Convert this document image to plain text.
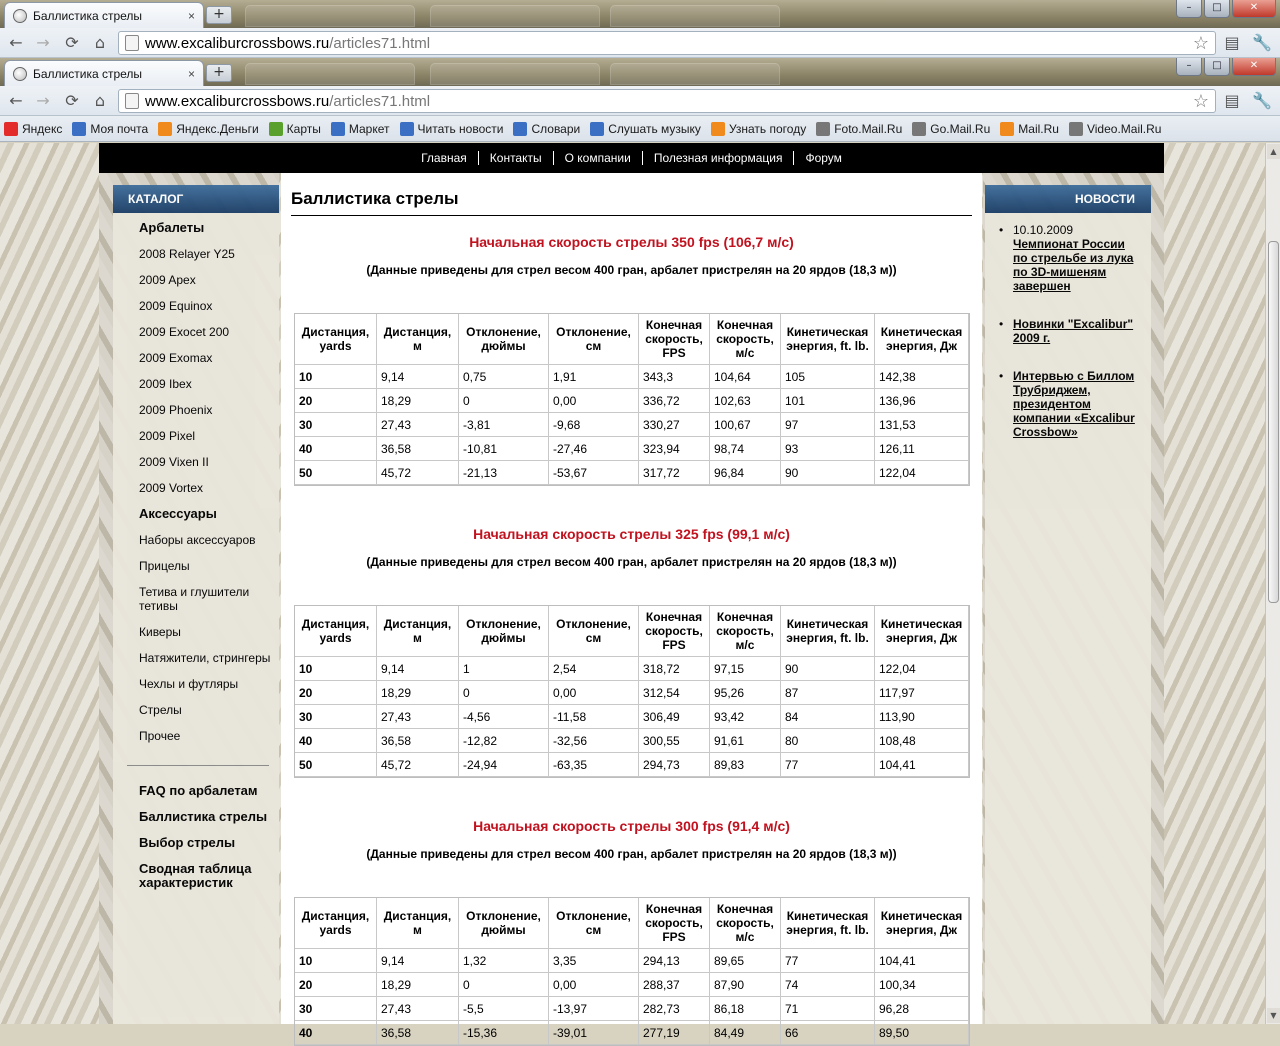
Баллистика стрелы	×	+	–	□	✕
← → ⟳	⌂	www.excaliburcrossbows.ru /articles71.html	☆ ▤ 🔧
Баллистика стрелы	×	+	–	□	✕
← → ⟳	⌂	www.excaliburcrossbows.ru /articles71.html	☆ ▤ 🔧
Яндекс Моя почта Яндекс.Деньги Карты Маркет Читать новости Словари Слушать музыку Узнать погоду Foto.Mail.Ru Go.Mail.Ru Mail.Ru Video.Mail.Ru
Главная	Контакты	О компании	Полезная информация	Форум
КАТАЛОГ
Арбалеты
2008 Relayer Y25
2009 Apex
2009 Equinox
2009 Exocet 200
2009 Exomax
2009 Ibex
2009 Phoenix
2009 Pixel
2009 Vixen II
2009 Vortex
Аксессуары
Наборы аксессуаров
Прицелы
Тетива и глушители тетивы
Киверы
Натяжители, стрингеры
Чехлы и футляры
Стрелы
Прочее
FAQ по арбалетам
Баллистика стрелы
Выбор стрелы
Сводная таблица характеристик
Баллистика стрелы
Начальная скорость стрелы 350 fps (106,7 м/с)
(Данные приведены для стрел весом 400 гран, арбалет пристрелян на 20 ярдов (18,3 м))
Дистанция, yards	Дистанция, м	Отклонение, дюймы	Отклонение, см	Конечная скорость, FPS	Конечная скорость, м/с	Кинетическая энергия, ft. lb.	Кинетическая энергия, Дж
10	9,14	0,75	1,91	343,3	104,64	105	142,38
20	18,29	0	0,00	336,72	102,63	101	136,96
30	27,43	-3,81	-9,68	330,27	100,67	97	131,53
40	36,58	-10,81	-27,46	323,94	98,74	93	126,11
50	45,72	-21,13	-53,67	317,72	96,84	90	122,04
Начальная скорость стрелы 325 fps (99,1 м/с)
(Данные приведены для стрел весом 400 гран, арбалет пристрелян на 20 ярдов (18,3 м))
Дистанция, yards	Дистанция, м	Отклонение, дюймы	Отклонение, см	Конечная скорость, FPS	Конечная скорость, м/с	Кинетическая энергия, ft. lb.	Кинетическая энергия, Дж
10	9,14	1	2,54	318,72	97,15	90	122,04
20	18,29	0	0,00	312,54	95,26	87	117,97
30	27,43	-4,56	-11,58	306,49	93,42	84	113,90
40	36,58	-12,82	-32,56	300,55	91,61	80	108,48
50	45,72	-24,94	-63,35	294,73	89,83	77	104,41
Начальная скорость стрелы 300 fps (91,4 м/с)
(Данные приведены для стрел весом 400 гран, арбалет пристрелян на 20 ярдов (18,3 м))
Дистанция, yards	Дистанция, м	Отклонение, дюймы	Отклонение, см	Конечная скорость, FPS	Конечная скорость, м/с	Кинетическая энергия, ft. lb.	Кинетическая энергия, Дж
10	9,14	1,32	3,35	294,13	89,65	77	104,41
20	18,29	0	0,00	288,37	87,90	74	100,34
30	27,43	-5,5	-13,97	282,73	86,18	71	96,28
40	36,58	-15,36	-39,01	277,19	84,49	66	89,50
НОВОСТИ
• 10.10.2009
Чемпионат России по стрельбе из лука по 3D-мишеням завершен
• Новинки "Excalibur" 2009 г.
• Интервью с Биллом Трубриджем, президентом компании «Excalibur Crossbow»
▲
▼
